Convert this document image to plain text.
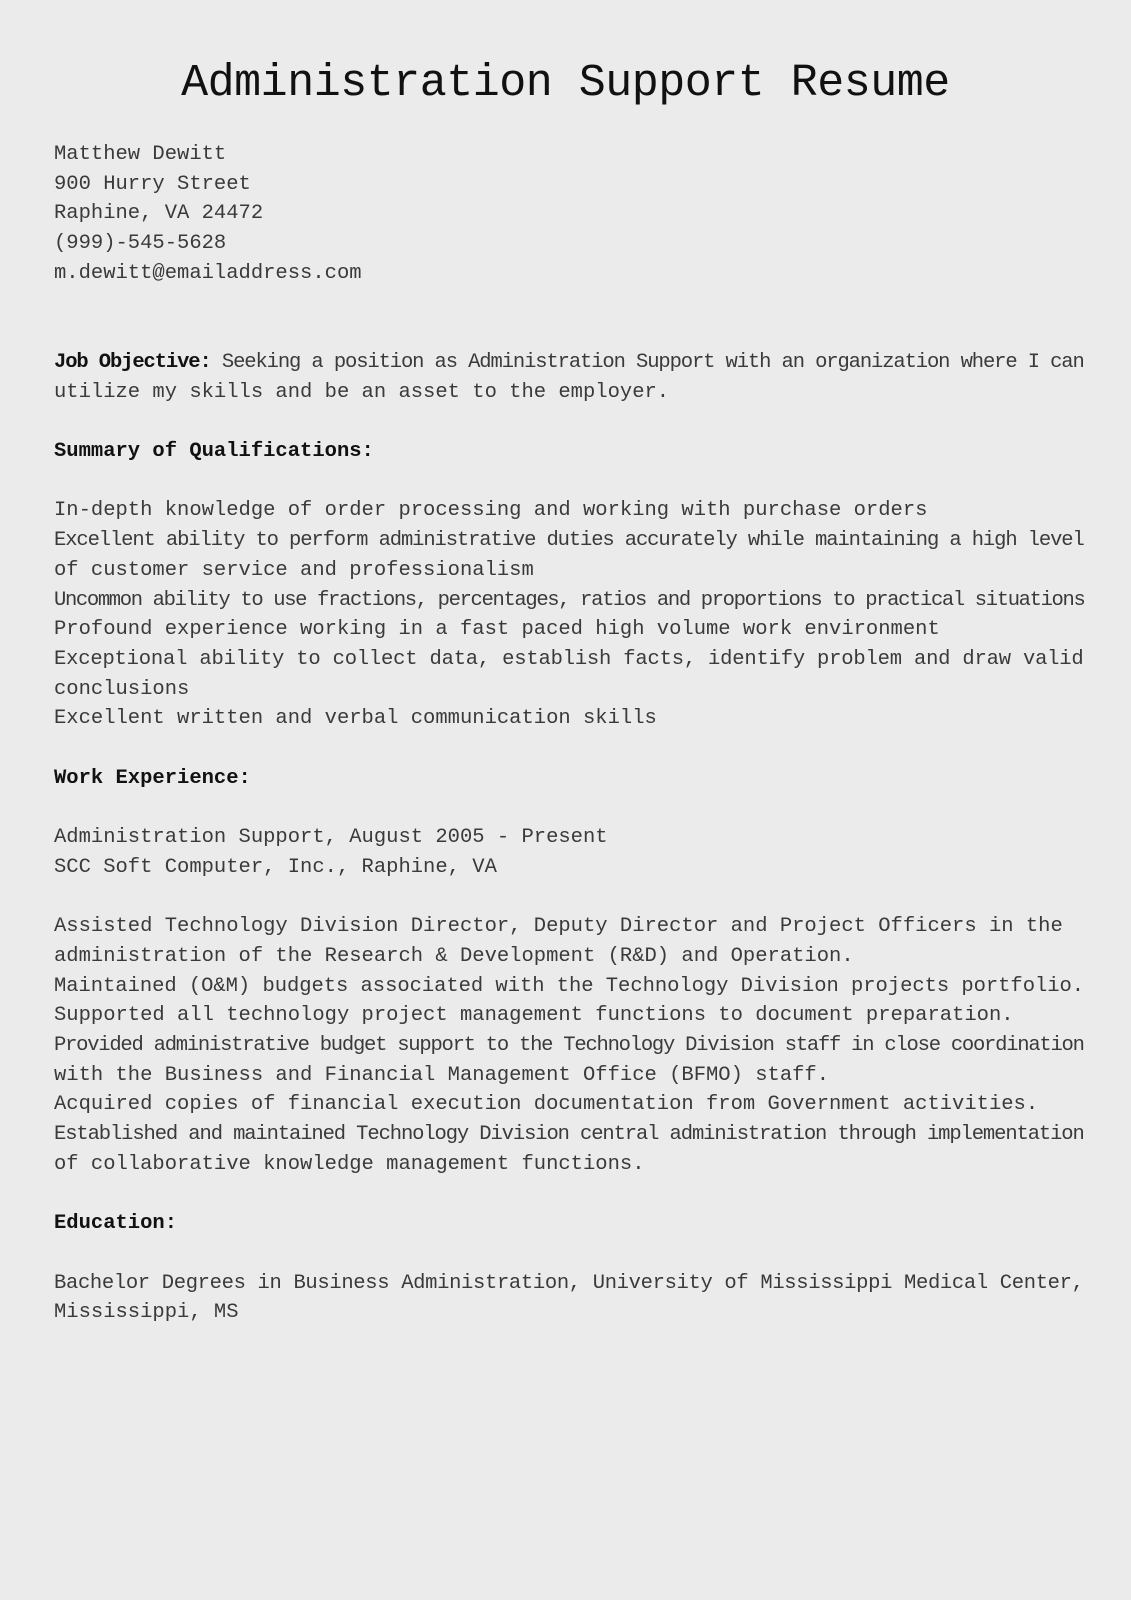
Administration Support Resume
Matthew Dewitt
900 Hurry Street
Raphine, VA 24472
(999)-545-5628
m.dewitt@emailaddress.com
Job Objective: Seeking a position as Administration Support with an organization where I can
utilize my skills and be an asset to the employer.
Summary of Qualifications:
In-depth knowledge of order processing and working with purchase orders
Excellent ability to perform administrative duties accurately while maintaining a high level
of customer service and professionalism
Uncommon ability to use fractions, percentages, ratios and proportions to practical situations
Profound experience working in a fast paced high volume work environment
Exceptional ability to collect data, establish facts, identify problem and draw valid
conclusions
Excellent written and verbal communication skills
Work Experience:
Administration Support, August 2005 - Present
SCC Soft Computer, Inc., Raphine, VA
Assisted Technology Division Director, Deputy Director and Project Officers in the
administration of the Research & Development (R&D) and Operation.
Maintained (O&M) budgets associated with the Technology Division projects portfolio.
Supported all technology project management functions to document preparation.
Provided administrative budget support to the Technology Division staff in close coordination
with the Business and Financial Management Office (BFMO) staff.
Acquired copies of financial execution documentation from Government activities.
Established and maintained Technology Division central administration through implementation
of collaborative knowledge management functions.
Education:
Bachelor Degrees in Business Administration, University of Mississippi Medical Center,
Mississippi, MS
